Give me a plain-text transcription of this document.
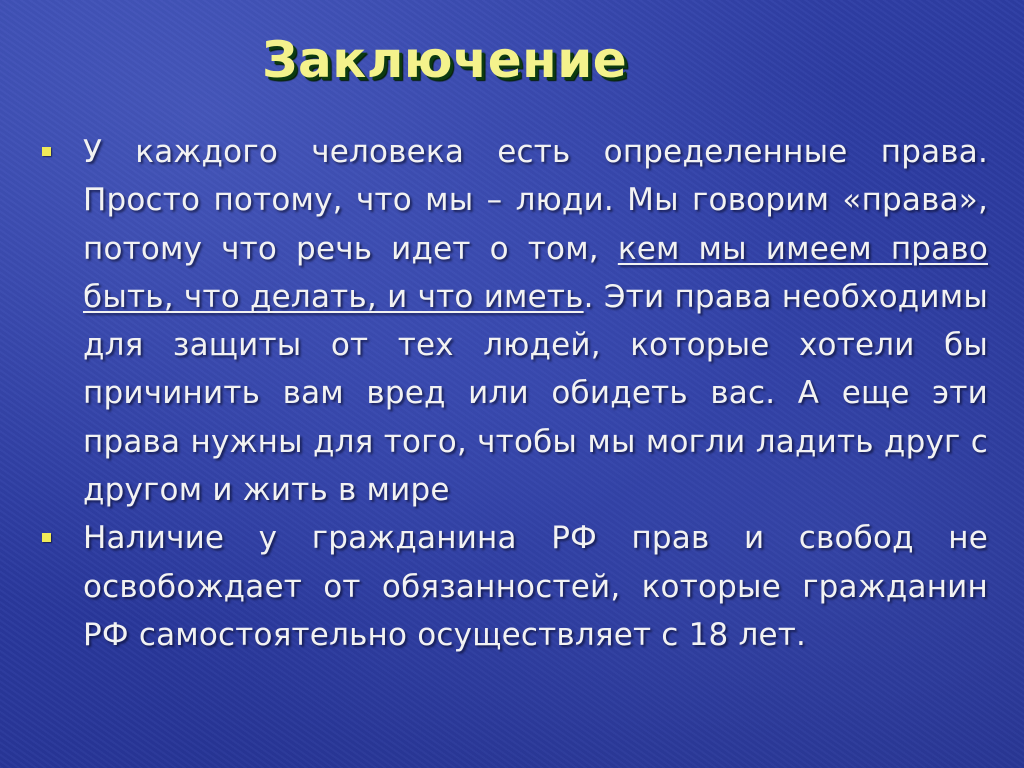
Заключение
У каждого человека есть определенные права. Просто потому, что мы – люди. Мы говорим «права», потому что речь идет о том, кем мы имеем право быть, что делать, и что иметь. Эти права необходимы для защиты от тех людей, которые хотели бы причинить вам вред или обидеть вас. А еще эти права нужны для того, чтобы мы могли ладить друг с другом и жить в мире
Наличие у гражданина РФ прав и свобод не освобождает от обязанностей, которые гражданин РФ самостоятельно осуществляет с 18 лет.
